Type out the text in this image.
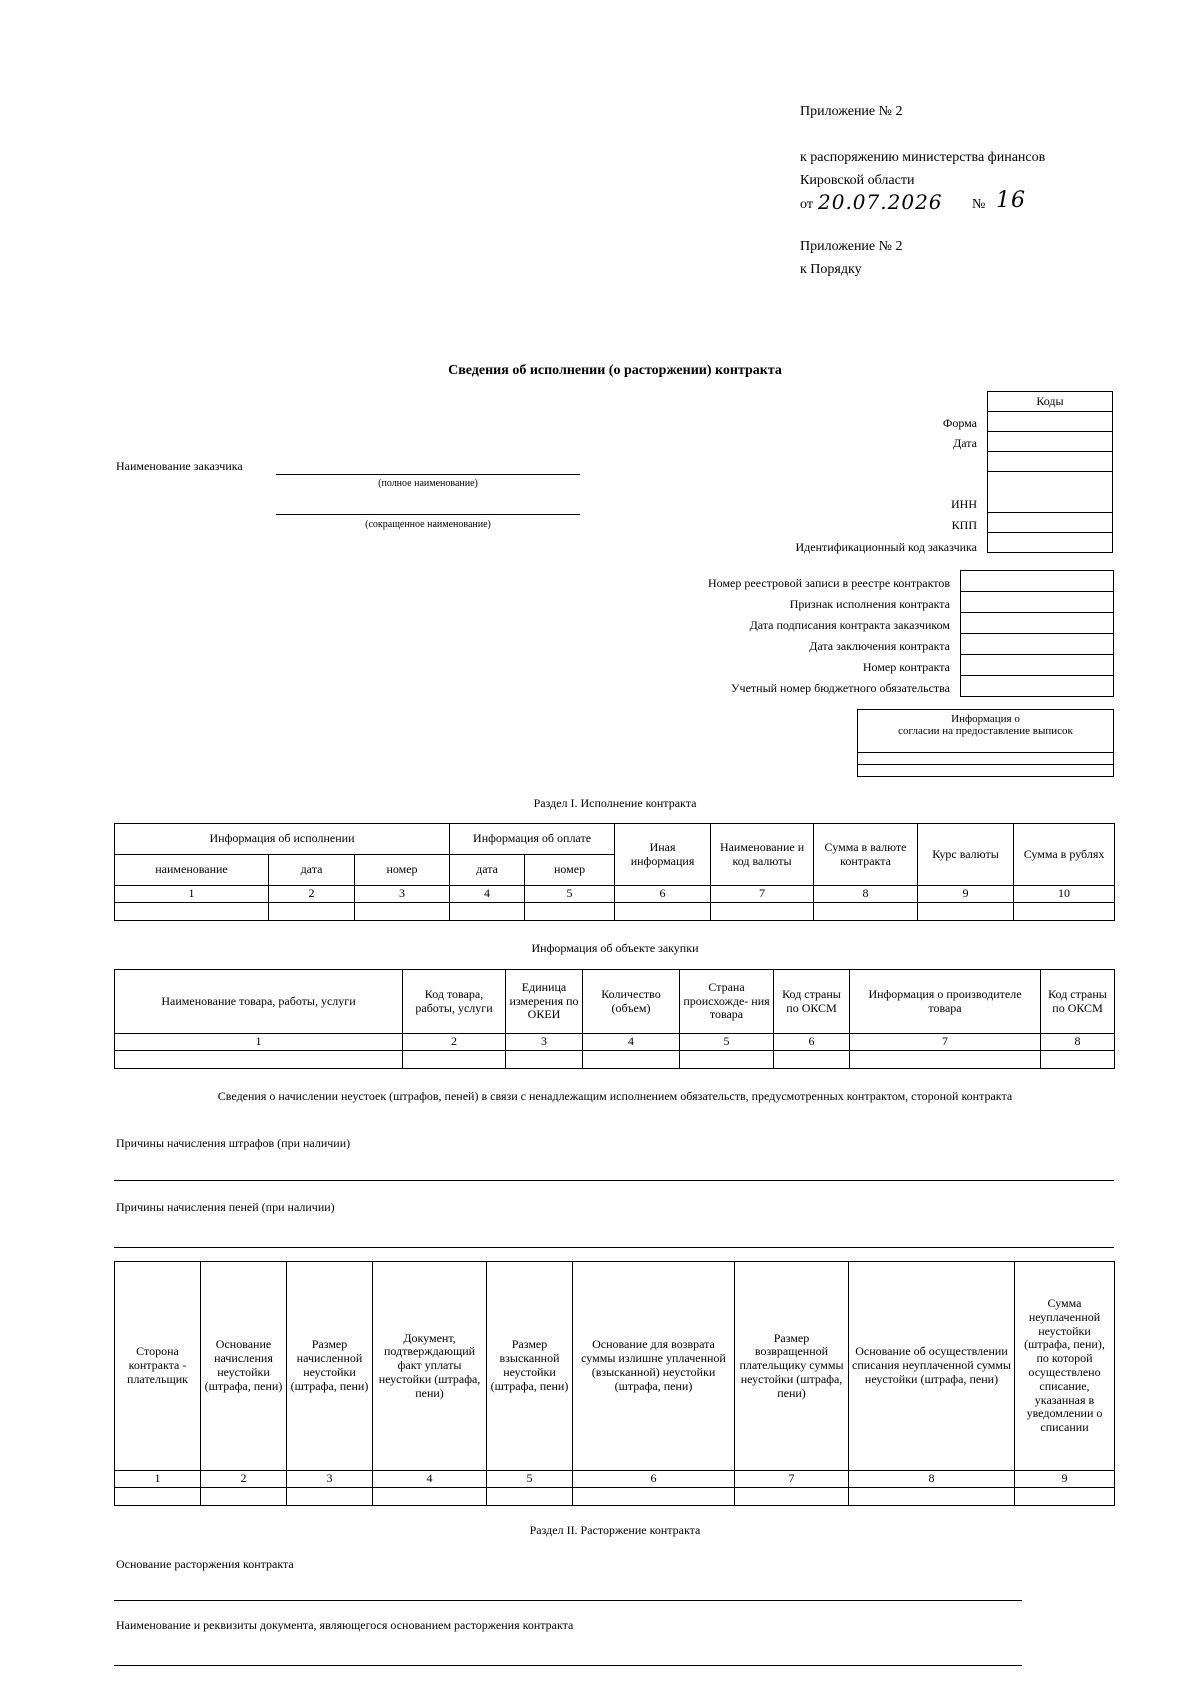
Приложение № 2
к распоряжению министерства финансов
Кировской области
от 20.07.2026 № 16
Приложение № 2
к Порядку
Сведения об исполнении (о расторжении) контракта
Коды

Форма
Дата
ИНН
КПП
Идентификационный код заказчика
Наименование заказчика
(полное наименование)
(сокращенное наименование)

Номер реестровой записи в реестре контрактов
Признак исполнения контракта
Дата подписания контракта заказчиком
Дата заключения контракта
Номер контракта
Учетный номер бюджетного обязательства
Информация о
согласии на предоставление выписок
Раздел I. Исполнение контракта
Информация об исполнении			Информация об оплате		Иная информация	Наименование и код валюты	Сумма в валюте контракта	Курс валюты	Сумма в рублях
наименование	дата	номер	дата	номер					
1	2	3	4	5	6	7	8	9	10

Информация об объекте закупки
Наименование товара, работы, услуги	Код товара, работы, услуги	Единица измерения по ОКЕИ	Количество (объем)	Страна происхожде- ния товара	Код страны по ОКСМ	Информация о производителе товара	Код страны по ОКСМ
1	2	3	4	5	6	7	8

Сведения о начислении неустоек (штрафов, пеней) в связи с ненадлежащим исполнением обязательств, предусмотренных контрактом, стороной контракта
Причины начисления штрафов (при наличии)
Причины начисления пеней (при наличии)
Сторона контракта - плательщик	Основание начисления неустойки (штрафа, пени)	Размер начисленной неустойки (штрафа, пени)	Документ, подтверждающий факт уплаты неустойки (штрафа, пени)	Размер взысканной неустойки (штрафа, пени)	Основание для возврата суммы излишне уплаченной (взысканной) неустойки (штрафа, пени)	Размер возвращенной плательщику суммы неустойки (штрафа, пени)	Основание об осуществлении списания неуплаченной суммы неустойки (штрафа, пени)	Сумма неуплаченной неустойки (штрафа, пени), по которой осуществлено списание, указанная в уведомлении о списании
1	2	3	4	5	6	7	8	9

Раздел II. Расторжение контракта
Основание расторжения контракта
Наименование и реквизиты документа, являющегося основанием расторжения контракта
